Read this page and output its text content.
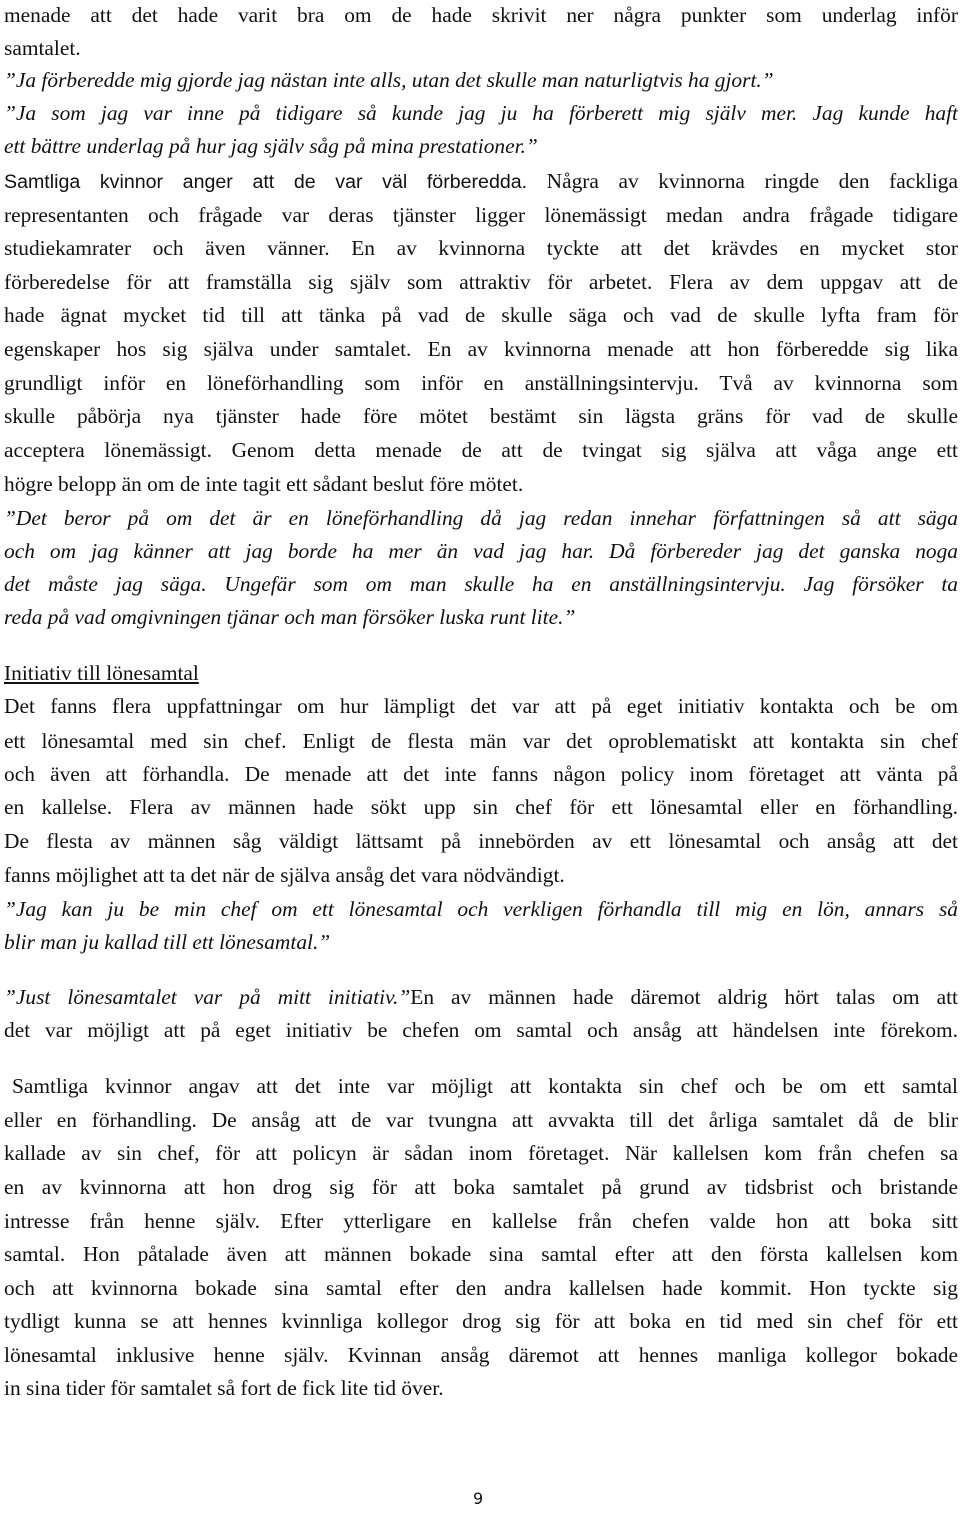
menade att det hade varit bra om de hade skrivit ner några punkter som underlag inför
samtalet.
”Ja förberedde mig gjorde jag nästan inte alls, utan det skulle man naturligtvis ha gjort.”
”Ja som jag var inne på tidigare så kunde jag ju ha förberett mig själv mer. Jag kunde haft
ett bättre underlag på hur jag själv såg på mina prestationer.”
Samtliga kvinnor anger att de var väl förberedda. Några av kvinnorna ringde den fackliga
representanten och frågade var deras tjänster ligger lönemässigt medan andra frågade tidigare
studiekamrater och även vänner. En av kvinnorna tyckte att det krävdes en mycket stor
förberedelse för att framställa sig själv som attraktiv för arbetet. Flera av dem uppgav att de
hade ägnat mycket tid till att tänka på vad de skulle säga och vad de skulle lyfta fram för
egenskaper hos sig själva under samtalet. En av kvinnorna menade att hon förberedde sig lika
grundligt inför en löneförhandling som inför en anställningsintervju. Två av kvinnorna som
skulle påbörja nya tjänster hade före mötet bestämt sin lägsta gräns för vad de skulle
acceptera lönemässigt. Genom detta menade de att de tvingat sig själva att våga ange ett
högre belopp än om de inte tagit ett sådant beslut före mötet.
”Det beror på om det är en löneförhandling då jag redan innehar författningen så att säga
och om jag känner att jag borde ha mer än vad jag har. Då förbereder jag det ganska noga
det måste jag säga. Ungefär som om man skulle ha en anställningsintervju. Jag försöker ta
reda på vad omgivningen tjänar och man försöker luska runt lite.”
Initiativ till lönesamtal
Det fanns flera uppfattningar om hur lämpligt det var att på eget initiativ kontakta och be om
ett lönesamtal med sin chef. Enligt de flesta män var det oproblematiskt att kontakta sin chef
och även att förhandla. De menade att det inte fanns någon policy inom företaget att vänta på
en kallelse. Flera av männen hade sökt upp sin chef för ett lönesamtal eller en förhandling.
De flesta av männen såg väldigt lättsamt på innebörden av ett lönesamtal och ansåg att det
fanns möjlighet att ta det när de själva ansåg det vara nödvändigt.
”Jag kan ju be min chef om ett lönesamtal och verkligen förhandla till mig en lön, annars så
blir man ju kallad till ett lönesamtal.”
”Just lönesamtalet var på mitt initiativ.”En av männen hade däremot aldrig hört talas om att
det var möjligt att på eget initiativ be chefen om samtal och ansåg att händelsen inte förekom.
Samtliga kvinnor angav att det inte var möjligt att kontakta sin chef och be om ett samtal
eller en förhandling. De ansåg att de var tvungna att avvakta till det årliga samtalet då de blir
kallade av sin chef, för att policyn är sådan inom företaget. När kallelsen kom från chefen sa
en av kvinnorna att hon drog sig för att boka samtalet på grund av tidsbrist och bristande
intresse från henne själv. Efter ytterligare en kallelse från chefen valde hon att boka sitt
samtal. Hon påtalade även att männen bokade sina samtal efter att den första kallelsen kom
och att kvinnorna bokade sina samtal efter den andra kallelsen hade kommit. Hon tyckte sig
tydligt kunna se att hennes kvinnliga kollegor drog sig för att boka en tid med sin chef för ett
lönesamtal inklusive henne själv. Kvinnan ansåg däremot att hennes manliga kollegor bokade
in sina tider för samtalet så fort de fick lite tid över.
9
